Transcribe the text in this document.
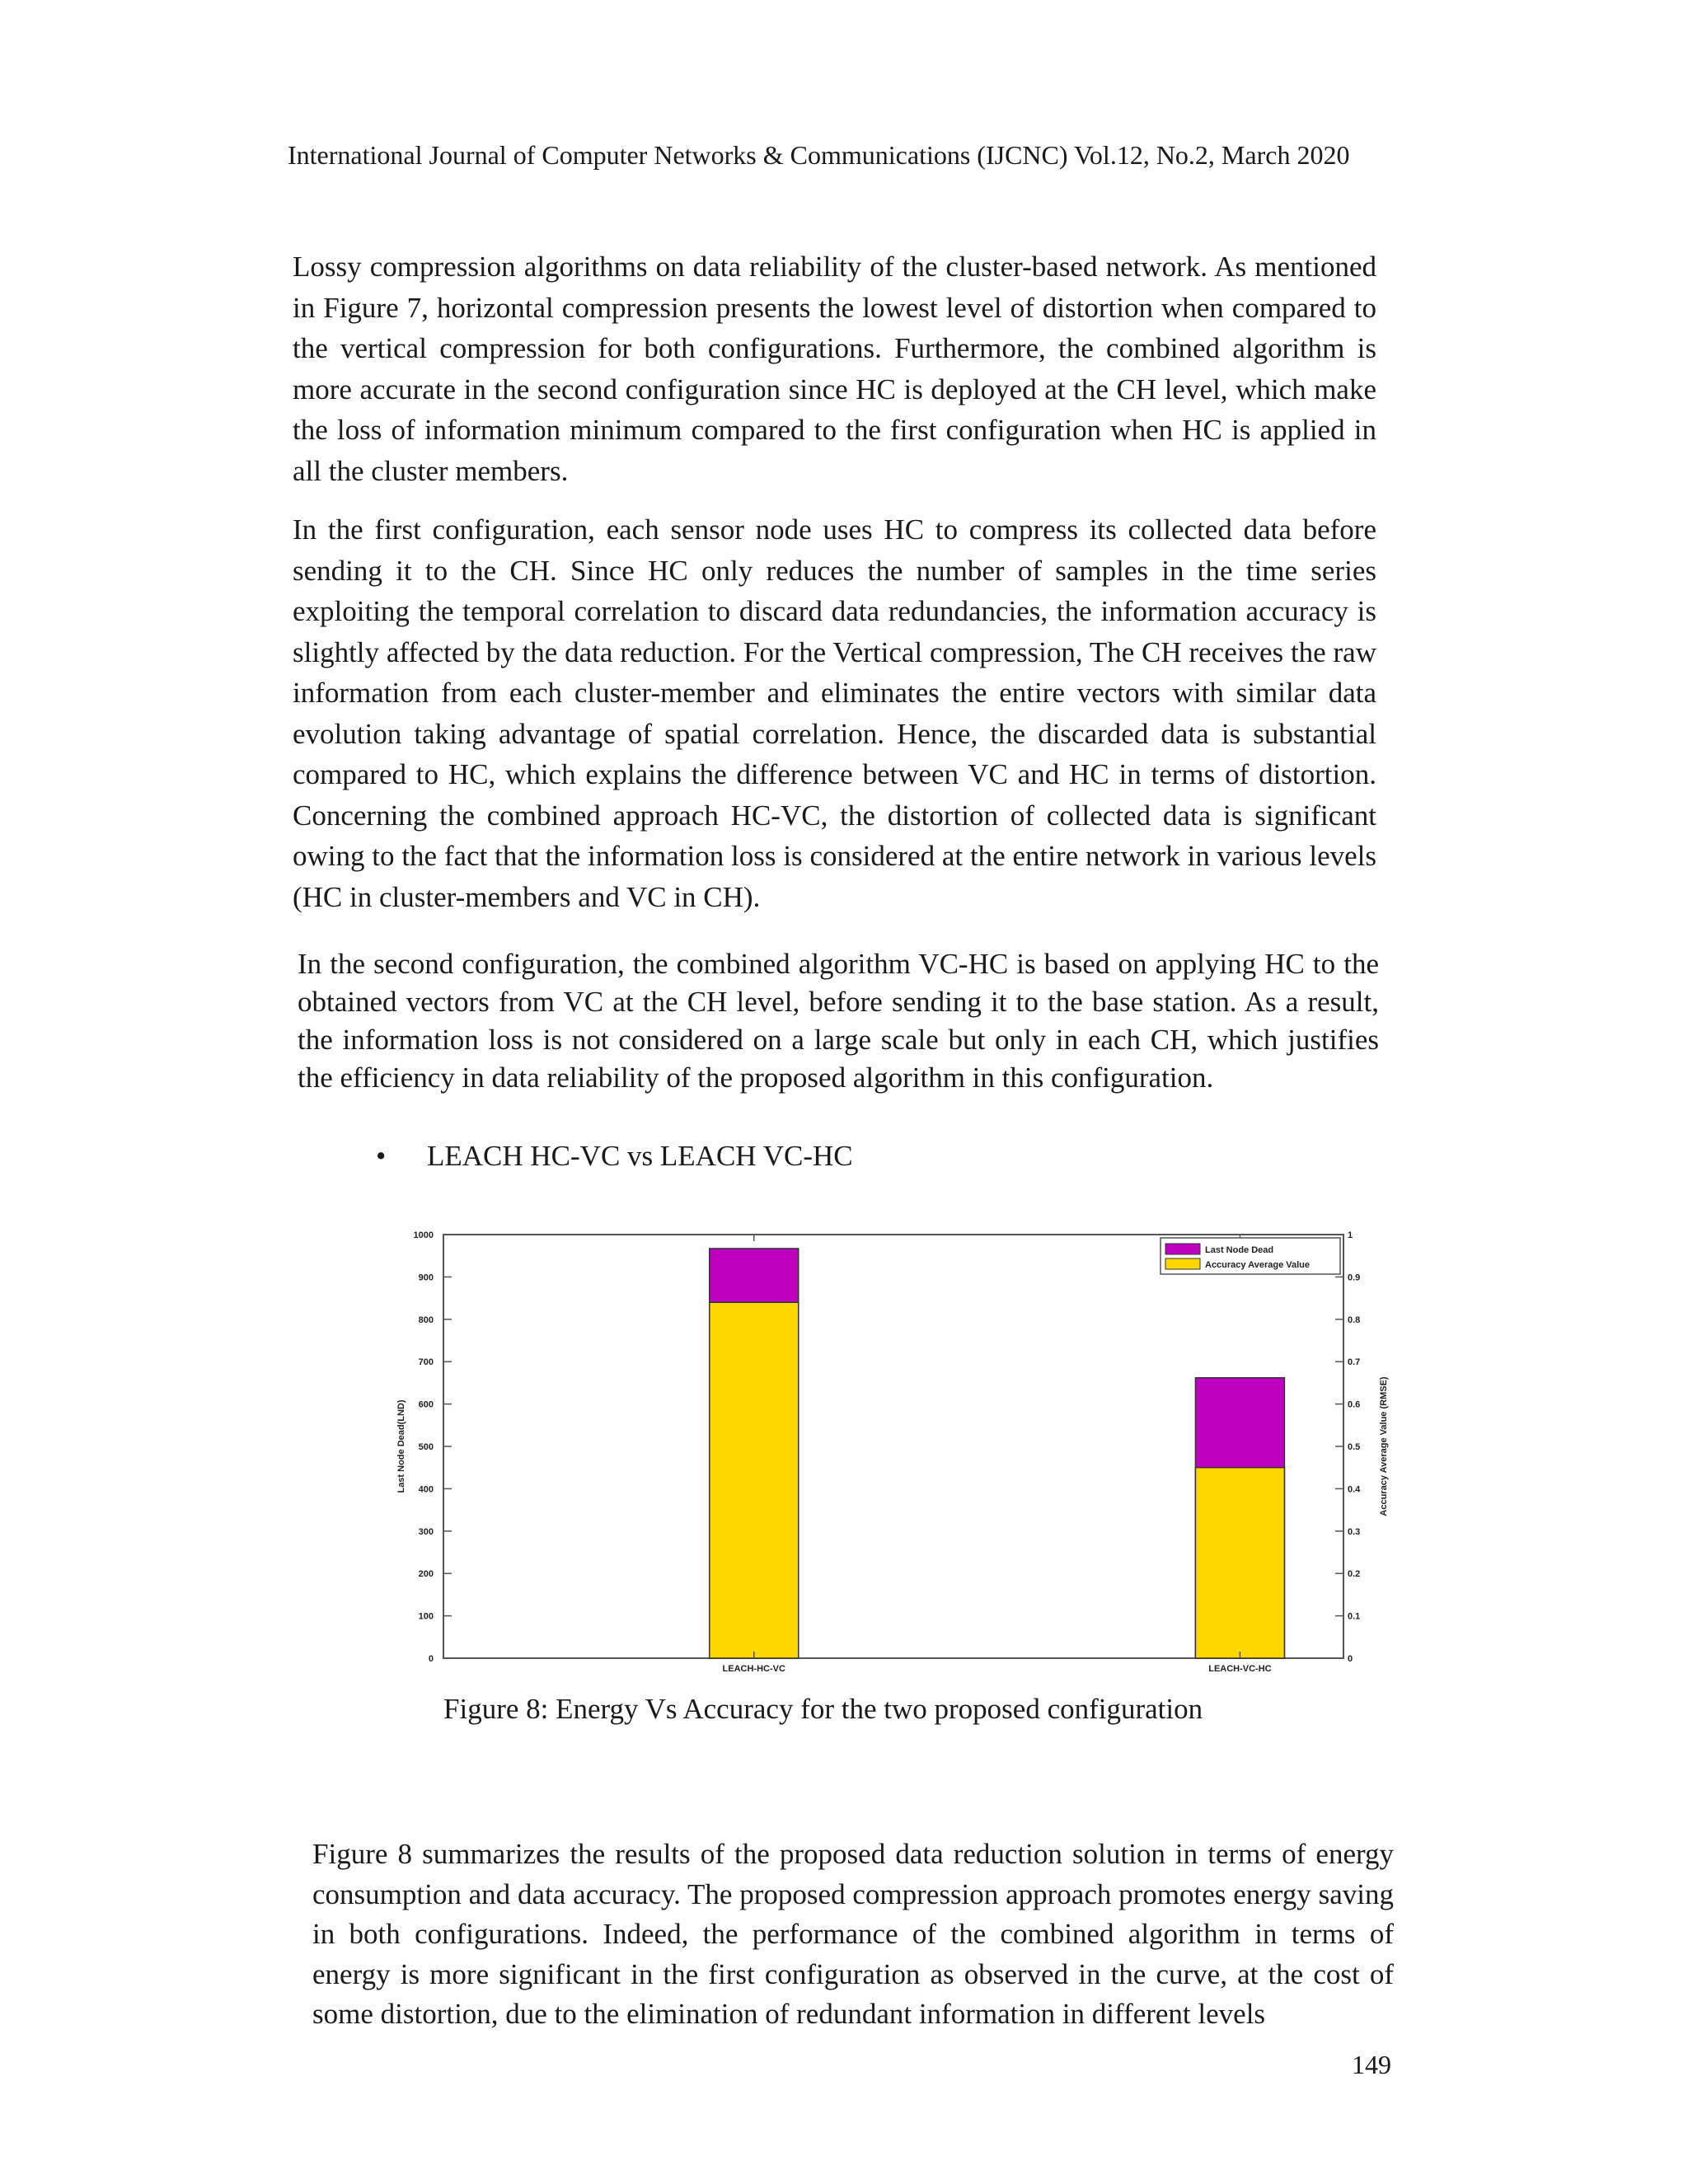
International Journal of Computer Networks & Communications (IJCNC) Vol.12, No.2, March 2020

Lossy compression algorithms on data reliability of the cluster-based network. As mentioned in Figure 7, horizontal compression presents the lowest level of distortion when compared to the vertical compression for both configurations. Furthermore, the combined algorithm is more accurate in the second configuration since HC is deployed at the CH level, which make the loss of information minimum compared to the first configuration when HC is applied in all the cluster members.

In the first configuration, each sensor node uses HC to compress its collected data before sending it to the CH. Since HC only reduces the number of samples in the time series exploiting the temporal correlation to discard data redundancies, the information accuracy is slightly affected by the data reduction. For the Vertical compression, The CH receives the raw information from each cluster-member and eliminates the entire vectors with similar data evolution taking advantage of spatial correlation. Hence, the discarded data is substantial compared to HC, which explains the difference between VC and HC in terms of distortion. Concerning the combined approach HC-VC, the distortion of collected data is significant owing to the fact that the information loss is considered at the entire network in various levels (HC in cluster-members and VC in CH).

In the second configuration, the combined algorithm VC-HC is based on applying HC to the obtained vectors from VC at the CH level, before sending it to the base station. As a result, the information loss is not considered on a large scale but only in each CH, which justifies the efficiency in data reliability of the proposed algorithm in this configuration.

• LEACH HC-VC vs LEACH VC-HC
0
100
200
300
400
500
600
700
800
900
1000
0
0.1
0.2
0.3
0.4
0.5
0.6
0.7
0.8
0.9
1
LEACH-HC-VC	LEACH-VC-HC
Last Node Dead(LND)	Accuracy Average Value (RMSE)
Last Node Dead
Accuracy Average Value
Figure 8: Energy Vs Accuracy for the two proposed configuration

Figure 8 summarizes the results of the proposed data reduction solution in terms of energy consumption and data accuracy. The proposed compression approach promotes energy saving in both configurations. Indeed, the performance of the combined algorithm in terms of energy is more significant in the first configuration as observed in the curve, at the cost of some distortion, due to the elimination of redundant information in different levels

149
